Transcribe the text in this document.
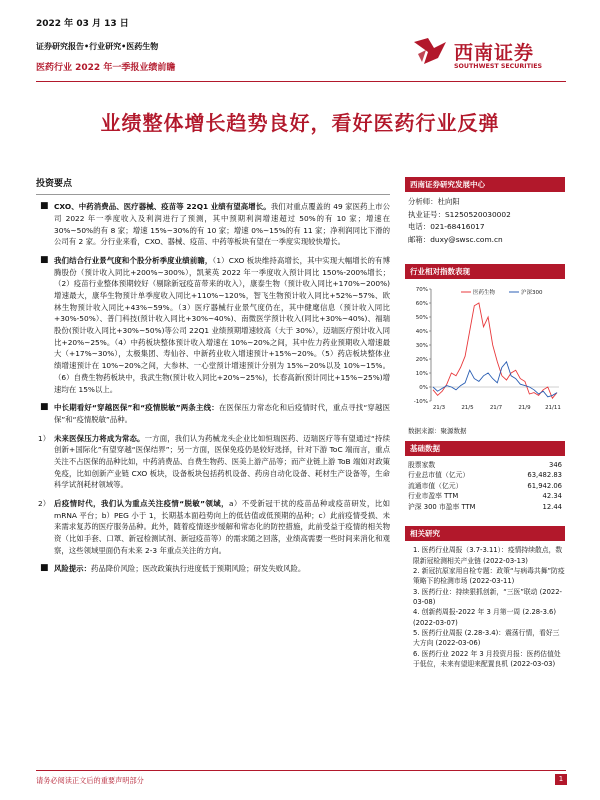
2022 年 03 月 13 日
证券研究报告•行业研究•医药生物
医药行业 2022 年一季报业绩前瞻
西南证券
SOUTHWEST SECURITIES
业绩整体增长趋势良好，看好医药行业反弹
投资要点
■ CXO、中药消费品、医疗器械、疫苗等 22Q1 业绩有望高增长。我们对重点覆盖的 49 家医药上市公司 2022 年一季度收入及利润进行了预测，其中预期利润增速超过 50%的有 10 家；增速在 30%~50%的有 8 家；增速 15%~30%的有 10 家；增速 0%~15%的有 11 家；净利润同比下滑的公司有 2 家。分行业来看，CXO、器械、疫苗、中药等板块有望在一季度实现较快增长。
■ 我们结合行业景气度和个股分析季度业绩前瞻，（1）CXO 板块维持高增长，其中实现大幅增长的有博腾股份（预计收入同比+200%~300%），凯莱英 2022 年一季度收入预计同比 150%-200%增长；（2）疫苗行业整体预期较好（剔除新冠疫苗带来的收入），康泰生物（预计收入同比+170%~200%)增速最大，康华生物预计单季度收入同比+110%~120%，智飞生物预计收入同比+52%~57%、欧林生物预计收入同比+43%~59%。（3）医疗器械行业景气度仍在，其中健麾信息（预计收入同比+30%-50%）、普门科技(预计收入同比+30%~40%)、南微医学预计收入(同比+30%~40%)、福瑞股份(预计收入同比+30%~50%)等公司 22Q1 业绩预期增速较高（大于 30%），迈瑞医疗预计收入同比+20%~25%。（4）中药板块整体预计收入增速在 10%~20%之间，其中佐力药业预期收入增速最大（+17%~30%），太极集团、寿仙谷、中新药业收入增速预计+15%~20%。（5）药店板块整体业绩增速预计在 10%~20%之间，大参林、一心堂预计增速预计分别为 15%~20%以及 10%~15%。（6）自费生物药板块中，我武生物(预计收入同比+20%~25%)，长春高新(预计同比+15%~25%)增速均在 15%以上。
■ 中长期看好“穿越医保”和“疫情脱敏”两条主线：在医保压力常态化和后疫情时代，重点寻找“穿越医保”和“疫情脱敏”品种。
1） 未来医保压力将成为常态。一方面，我们认为药械龙头企业比如恒瑞医药、迈瑞医疗等有望通过“持续创新+国际化”有望穿越“医保结界”；另一方面，医保免疫仍是较好选择，针对下游 ToC 端而言，重点关注不占医保的品种比如，中药消费品、自费生物药、医美上游产品等；而产业链上游 ToB 端如对政策免疫，比如创新产业链 CXO 板块，设备板块包括药机设备、药房自动化设备、耗材生产设备等，生命科学试剂耗材领域等。
2） 后疫情时代，我们认为重点关注疫情“脱敏”领域，a）不受新冠干扰的疫苗品种或疫苗研发，比如 mRNA 平台；b）PEG 小于 1，长期基本面趋势向上的低估值或低预期的品种；c）此前疫情受损、未来需求复苏的医疗服务品种。此外，随着疫情逐步缓解和常态化的防控措施，此前受益于疫情的相关物资（比如手套、口罩、新冠检测试剂、新冠疫苗等）的需求随之回落，业绩高需要一些时间来消化和观察，这些领域里面仍有未来 2-3 年重点关注的方向。
■ 风险提示：药品降价风险；医改政策执行进度低于预期风险；研发失败风险。
西南证券研究发展中心
分析师：杜向阳
执业证号：S1250520030002
电话：021-68416017
邮箱：duxy@swsc.com.cn
行业相对指数表现
-10%
0%
10%
20%
30%
40%
50%
60%
70%
21/3	21/5	21/7	21/9	21/11
医药生物	沪深300
数据来源：聚源数据
基础数据
股票家数	346
行业总市值（亿元）	63,482.83
流通市值（亿元）	61,942.06
行业市盈率 TTM	42.34
沪深 300 市盈率 TTM	12.44
相关研究
1. 医药行业周报（3.7-3.11）：疫情持续散点，数限新冠检测相关产业链 (2022-03-13)
2. 新冠抗原家用自检专题：政策“与病毒共舞”防疫策略下的检测市场 (2022-03-11)
3. 医药行业：持续狠抓创新，“三医”联动 (2022-03-08)
4. 创新药周报-2022 年 3 月第一周 (2.28-3.6) (2022-03-07)
5. 医药行业周报 (2.28-3.4)：震荡行情，看好三大方向 (2022-03-06)
6. 医药行业 2022 年 3 月投资月报：医药估值处于低位，未来有望迎来配置良机 (2022-03-03)
请务必阅读正文后的重要声明部分	1
